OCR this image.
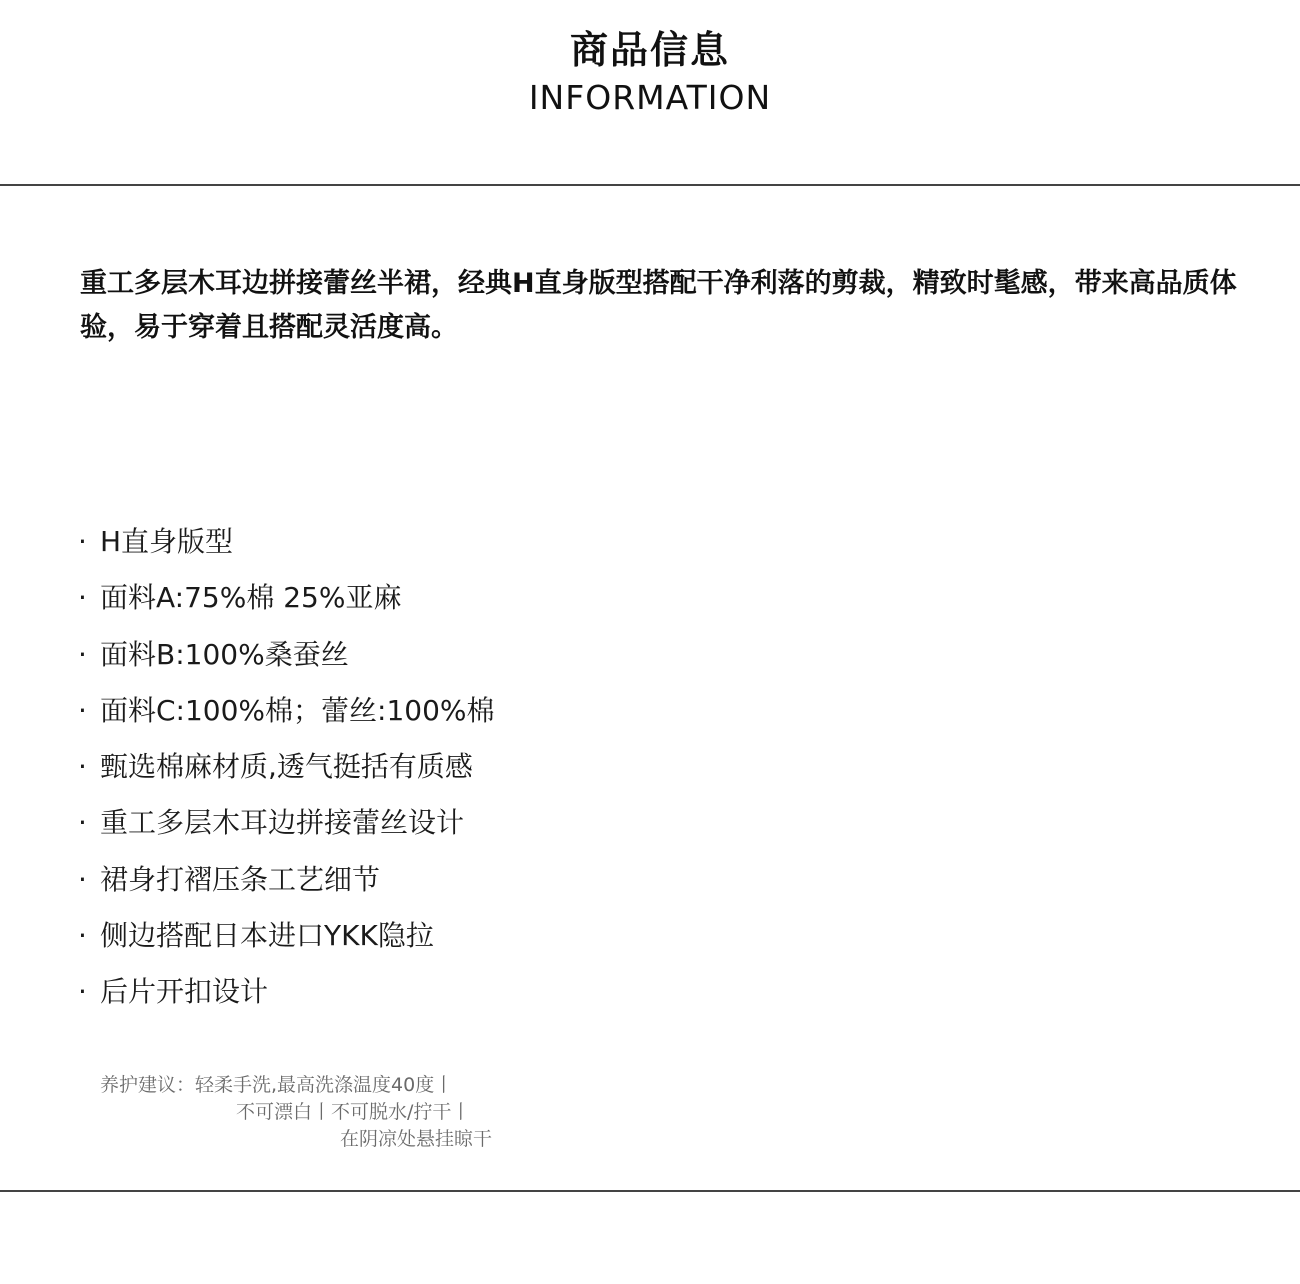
商品信息
INFORMATION

重工多层木耳边拼接蕾丝半裙，经典H直身版型搭配干净利落的剪裁，精致时髦感，带来高品质体验，易于穿着且搭配灵活度高。

· H直身版型
· 面料A:75%棉 25%亚麻
· 面料B:100%桑蚕丝
· 面料C:100%棉；蕾丝:100%棉
· 甄选棉麻材质,透气挺括有质感
· 重工多层木耳边拼接蕾丝设计
· 裙身打褶压条工艺细节
· 侧边搭配日本进口YKK隐拉
· 后片开扣设计
养护建议：轻柔手洗,最高洗涤温度40度丨
不可漂白丨不可脱水/拧干丨
在阴凉处悬挂晾干
